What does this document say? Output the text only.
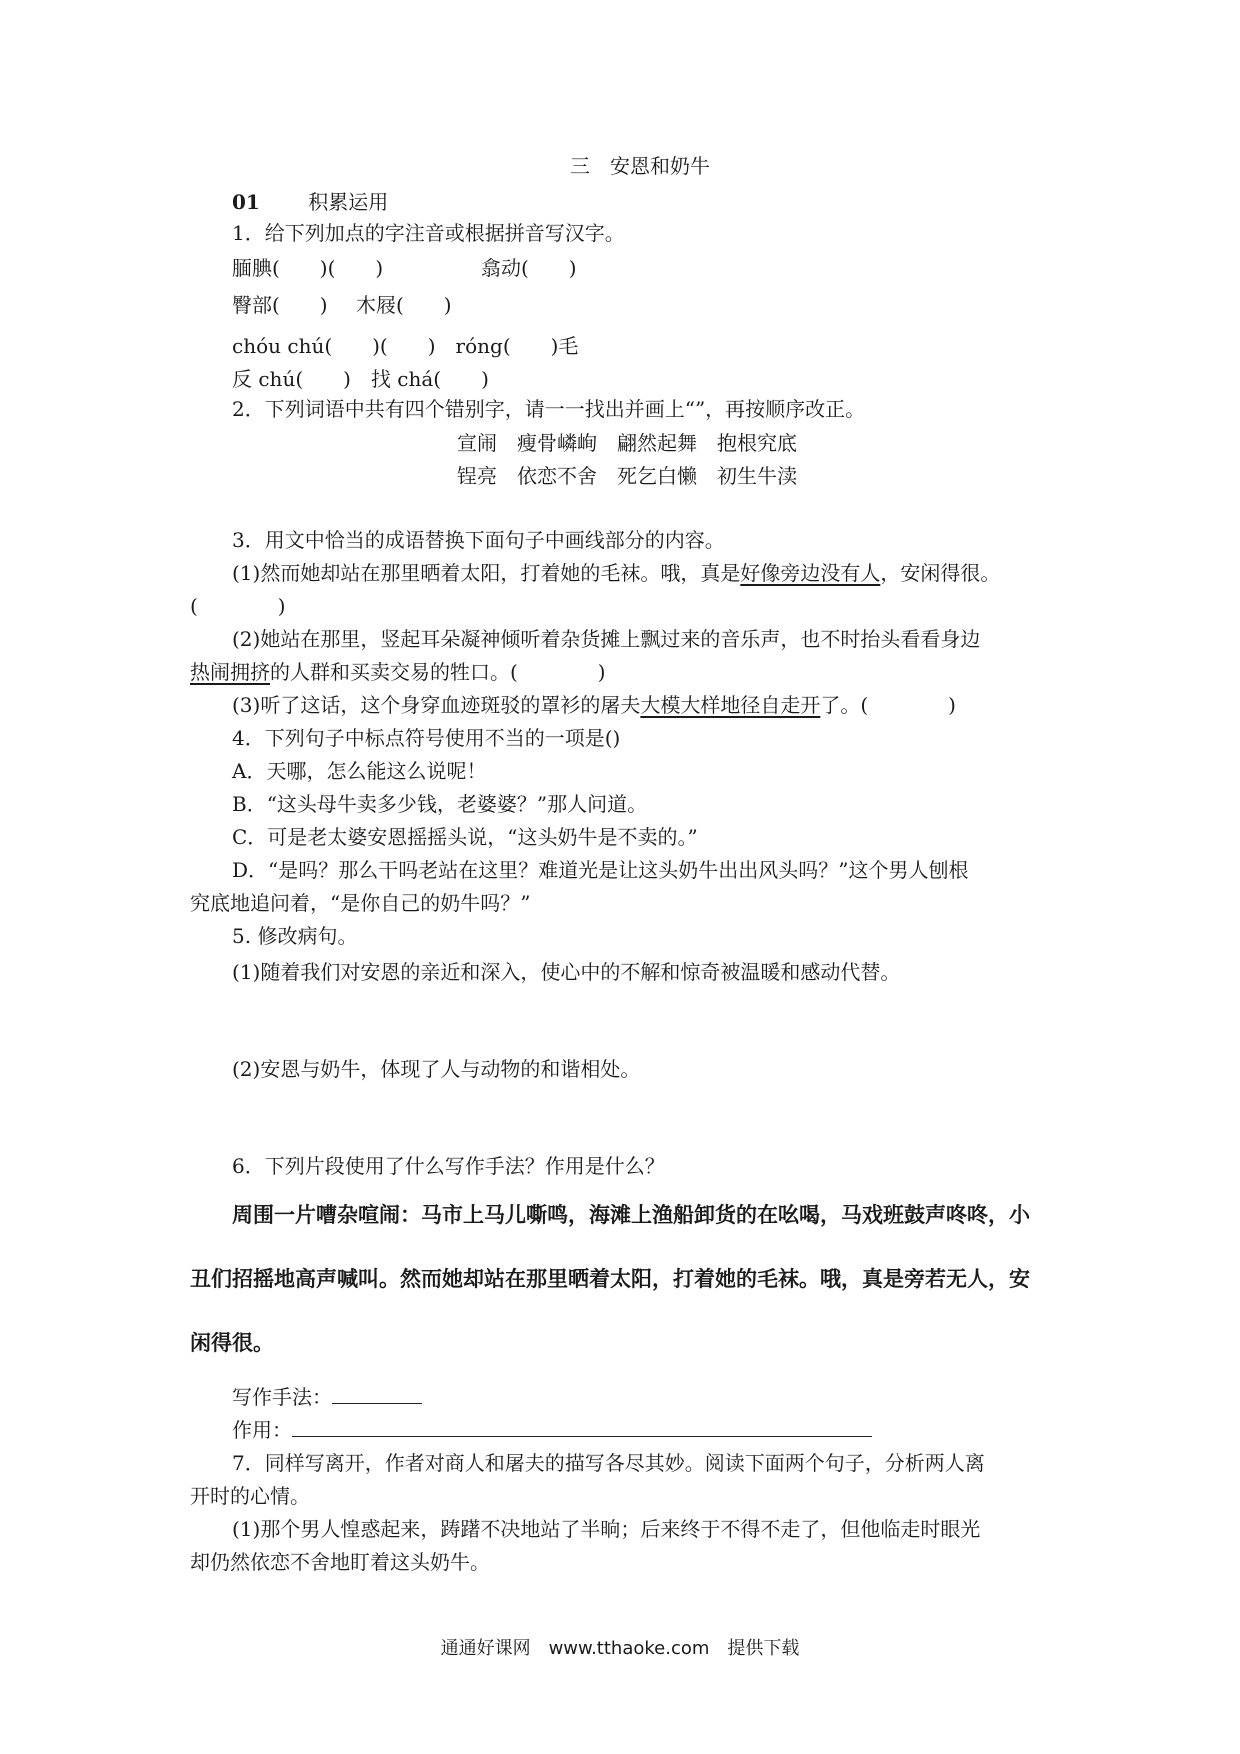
三　安恩和奶牛
01 积累运用
1．给下列加点的字注音或根据拼音写汉字。
腼腆(　　)(　　)	翕动(　　)
臀部(　　) 木屐(　　)
chóu chú(　　)(　　)　róng(　　)毛
反 chú(　　)　找 chá(　　)
2．下列词语中共有四个错别字，请一一找出并画上“”，再按顺序改正。
宣闹　瘦骨嶙峋　翩然起舞　抱根究底
锃亮　依恋不舍　死乞白懒　初生牛渎
3．用文中恰当的成语替换下面句子中画线部分的内容。
(1)然而她却站在那里晒着太阳，打着她的毛袜。哦，真是好像旁边没有人，安闲得很。
(　　　　)
(2)她站在那里，竖起耳朵凝神倾听着杂货摊上飘过来的音乐声，也不时抬头看看身边
热闹拥挤的人群和买卖交易的牲口。(　　　　)
(3)听了这话，这个身穿血迹斑驳的罩衫的屠夫大模大样地径自走开了。(　　　　)
4．下列句子中标点符号使用不当的一项是()
A．天哪，怎么能这么说呢！
B．“这头母牛卖多少钱，老婆婆？”那人问道。
C．可是老太婆安恩摇摇头说，“这头奶牛是不卖的。”
D．“是吗？那么干吗老站在这里？难道光是让这头奶牛出出风头吗？”这个男人刨根
究底地追问着，“是你自己的奶牛吗？”
5. 修改病句。
(1)随着我们对安恩的亲近和深入，使心中的不解和惊奇被温暖和感动代替。
(2)安恩与奶牛，体现了人与动物的和谐相处。
6．下列片段使用了什么写作手法？作用是什么？
周围一片嘈杂喧闹：马市上马儿嘶鸣，海滩上渔船卸货的在吆喝，马戏班鼓声咚咚，小
丑们招摇地高声喊叫。然而她却站在那里晒着太阳，打着她的毛袜。哦，真是旁若无人，安
闲得很。
写作手法：
作用：
7．同样写离开，作者对商人和屠夫的描写各尽其妙。阅读下面两个句子，分析两人离
开时的心情。
(1)那个男人惶惑起来，踌躇不决地站了半晌；后来终于不得不走了，但他临走时眼光
却仍然依恋不舍地盯着这头奶牛。
通通好课网　www.tthaoke.com　提供下载
